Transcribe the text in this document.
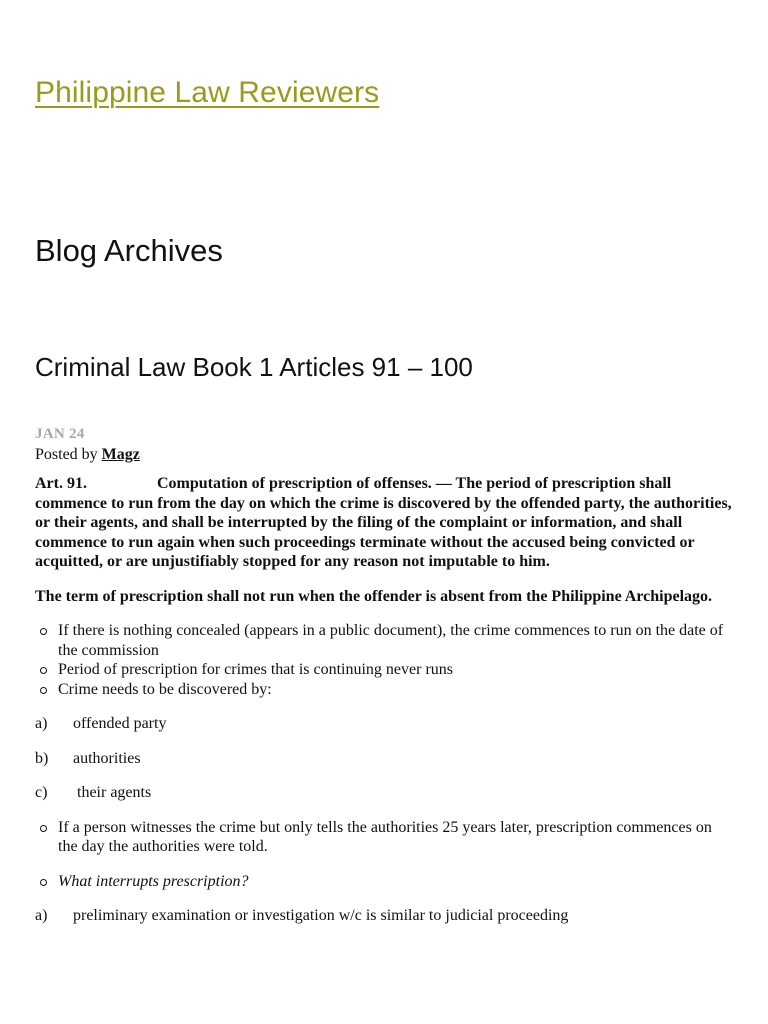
Philippine Law Reviewers
Blog Archives
Criminal Law Book 1 Articles 91 – 100
JAN 24

Posted by Magz

Art. 91.	Computation of prescription of offenses. — The period of prescription shall commence to run from the day on which the crime is discovered by the offended party, the authorities, or their agents, and shall be interrupted by the filing of the complaint or information, and shall commence to run again when such proceedings terminate without the accused being convicted or acquitted, or are unjustifiably stopped for any reason not imputable to him.

The term of prescription shall not run when the offender is absent from the Philippine Archipelago.

If there is nothing concealed (appears in a public document), the crime commences to run on the date of the commission
Period of prescription for crimes that is continuing never runs
Crime needs to be discovered by:

a) offended party

b) authorities

c) their agents

If a person witnesses the crime but only tells the authorities 25 years later, prescription commences on the day the authorities were told.
What interrupts prescription?

a) preliminary examination or investigation w/c is similar to judicial proceeding
